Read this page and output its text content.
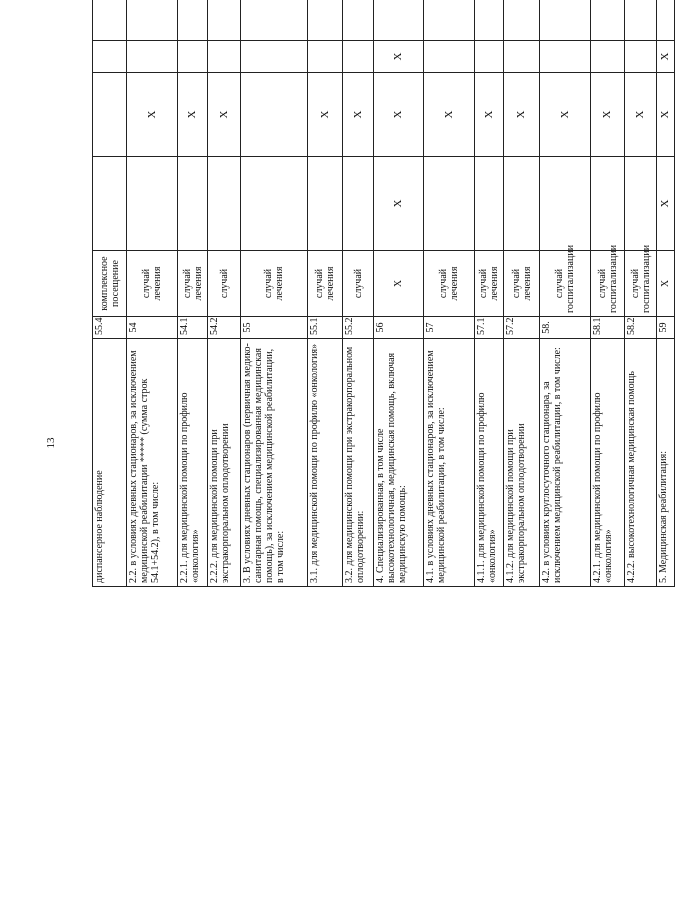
13
диспансерное наблюдение	55.4	комплексное посещение						
2.2. в условиях дневных стационаров, за исключением медицинской реабилитации ***** (сумма строк 54.1+54.2), в том числе:	54	случай лечения		X				
2.2.1. для медицинской помощи по профилю «онкология»	54.1	случай лечения		X				
2.2.2. для медицинской помощи при экстракорпоральном оплодотворении	54.2	случай		X				
3. В условиях дневных стационаров (первичная медико-санитарная помощь, специализированная медицинская помощь), за исключением медицинской реабилитации, в том числе:	55	случай лечения						
3.1. для медицинской помощи по профилю «онкология»	55.1	случай лечения		X				
3.2. для медицинской помощи при экстракорпоральном оплодотворении:	55.2	случай		X				
4. Специализированная, в том числе высокотехнологичная, медицинская помощь, включая медицинскую помощь:	56	X	X	X	X			
4.1. в условиях дневных стационаров, за исключением медицинской реабилитации, в том числе:	57	случай лечения		X				
4.1.1. для медицинской помощи по профилю «онкология»	57.1	случай лечения		X				
4.1.2. для медицинской помощи при экстракорпоральном оплодотворении	57.2	случай лечения		X				
4.2. в условиях круглосуточного стационара, за исключением медицинской реабилитации, в том числе:	58.	случай госпитализации		X				
4.2.1. для медицинской помощи по профилю «онкология»	58.1	случай госпитализации		X				
4.2.2. высокотехнологичная медицинская помощь	58.2	случай госпитализации		X				
5. Медицинская реабилитация:	59	X	X	X	X			
